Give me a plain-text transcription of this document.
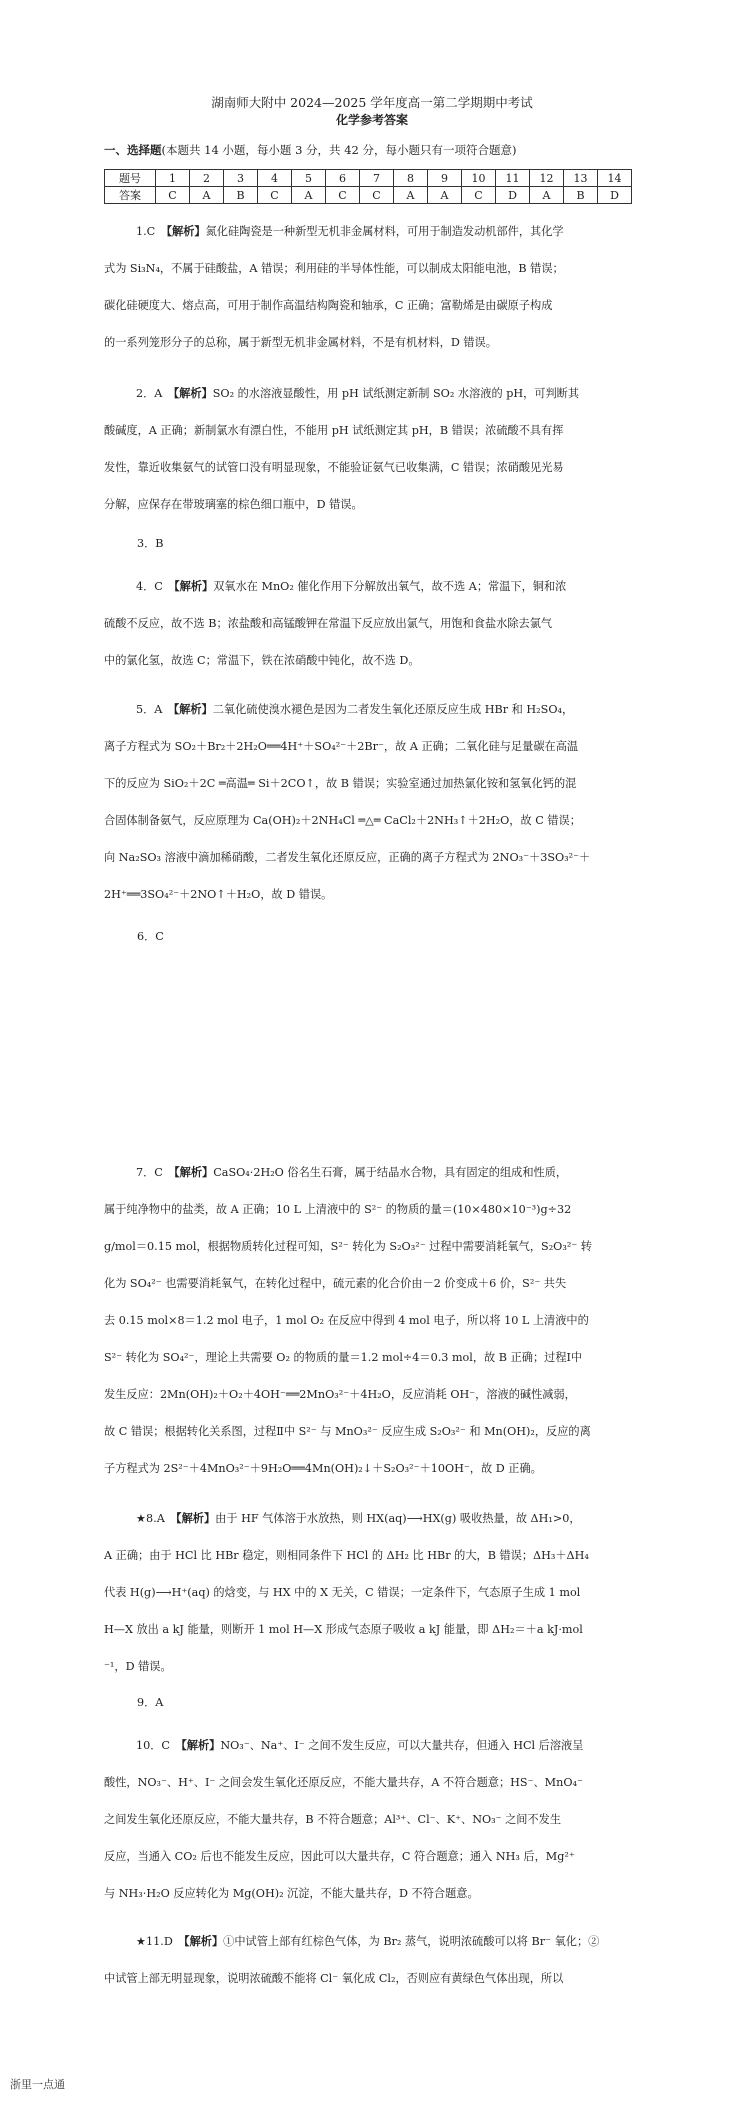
湖南师大附中 2024—2025 学年度高一第二学期期中考试
化学参考答案
一、选择题(本题共 14 小题，每小题 3 分，共 42 分，每小题只有一项符合题意)
题号	1	2	3	4	5	6	7	8	9	10	11	12	13	14
答案	C	A	B	C	A	C	C	A	A	C	D	A	B	D
1.C　【解析】氮化硅陶瓷是一种新型无机非金属材料，可用于制造发动机部件，其化学
式为 Si₃N₄，不属于硅酸盐，A 错误；利用硅的半导体性能，可以制成太阳能电池，B 错误；
碳化硅硬度大、熔点高，可用于制作高温结构陶瓷和轴承，C 正确；富勒烯是由碳原子构成
的一系列笼形分子的总称，属于新型无机非金属材料，不是有机材料，D 错误。
2．A　【解析】SO₂ 的水溶液显酸性，用 pH 试纸测定新制 SO₂ 水溶液的 pH，可判断其
酸碱度，A 正确；新制氯水有漂白性，不能用 pH 试纸测定其 pH，B 错误；浓硫酸不具有挥
发性，靠近收集氨气的试管口没有明显现象，不能验证氨气已收集满，C 错误；浓硝酸见光易
分解，应保存在带玻璃塞的棕色细口瓶中，D 错误。
3．B
4．C　【解析】双氧水在 MnO₂ 催化作用下分解放出氧气，故不选 A；常温下，铜和浓
硫酸不反应，故不选 B；浓盐酸和高锰酸钾在常温下反应放出氯气，用饱和食盐水除去氯气
中的氯化氢，故选 C；常温下，铁在浓硝酸中钝化，故不选 D。
5．A　【解析】二氧化硫使溴水褪色是因为二者发生氧化还原反应生成 HBr 和 H₂SO₄，
离子方程式为 SO₂＋Br₂＋2H₂O══4H⁺＋SO₄²⁻＋2Br⁻，故 A 正确；二氧化硅与足量碳在高温
下的反应为 SiO₂＋2C ═高温═ Si＋2CO↑，故 B 错误；实验室通过加热氯化铵和氢氧化钙的混
合固体制备氨气，反应原理为 Ca(OH)₂＋2NH₄Cl ═△═ CaCl₂＋2NH₃↑＋2H₂O，故 C 错误；
向 Na₂SO₃ 溶液中滴加稀硝酸，二者发生氧化还原反应，正确的离子方程式为 2NO₃⁻＋3SO₃²⁻＋
2H⁺══3SO₄²⁻＋2NO↑＋H₂O，故 D 错误。
6．C
7．C　【解析】CaSO₄·2H₂O 俗名生石膏，属于结晶水合物，具有固定的组成和性质，
属于纯净物中的盐类，故 A 正确；10 L 上清液中的 S²⁻ 的物质的量＝(10×480×10⁻³)g÷32
g/mol＝0.15 mol，根据物质转化过程可知，S²⁻ 转化为 S₂O₃²⁻ 过程中需要消耗氧气，S₂O₃²⁻ 转
化为 SO₄²⁻ 也需要消耗氧气，在转化过程中，硫元素的化合价由－2 价变成＋6 价，S²⁻ 共失
去 0.15 mol×8＝1.2 mol 电子，1 mol O₂ 在反应中得到 4 mol 电子，所以将 10 L 上清液中的
S²⁻ 转化为 SO₄²⁻，理论上共需要 O₂ 的物质的量＝1.2 mol÷4＝0.3 mol，故 B 正确；过程Ⅰ中
发生反应：2Mn(OH)₂＋O₂＋4OH⁻══2MnO₃²⁻＋4H₂O，反应消耗 OH⁻，溶液的碱性减弱，
故 C 错误；根据转化关系图，过程Ⅱ中 S²⁻ 与 MnO₃²⁻ 反应生成 S₂O₃²⁻ 和 Mn(OH)₂，反应的离
子方程式为 2S²⁻＋4MnO₃²⁻＋9H₂O══4Mn(OH)₂↓＋S₂O₃²⁻＋10OH⁻，故 D 正确。
★8.A　【解析】由于 HF 气体溶于水放热，则 HX(aq)⟶HX(g) 吸收热量，故 ΔH₁>0，
A 正确；由于 HCl 比 HBr 稳定，则相同条件下 HCl 的 ΔH₂ 比 HBr 的大，B 错误；ΔH₃＋ΔH₄
代表 H(g)⟶H⁺(aq) 的焓变，与 HX 中的 X 无关，C 错误；一定条件下，气态原子生成 1 mol
H—X 放出 a kJ 能量，则断开 1 mol H—X 形成气态原子吸收 a kJ 能量，即 ΔH₂＝＋a kJ·mol
⁻¹，D 错误。
9．A
10．C　【解析】NO₃⁻、Na⁺、I⁻ 之间不发生反应，可以大量共存，但通入 HCl 后溶液呈
酸性，NO₃⁻、H⁺、I⁻ 之间会发生氧化还原反应，不能大量共存，A 不符合题意；HS⁻、MnO₄⁻
之间发生氧化还原反应，不能大量共存，B 不符合题意；Al³⁺、Cl⁻、K⁺、NO₃⁻ 之间不发生
反应，当通入 CO₂ 后也不能发生反应，因此可以大量共存，C 符合题意；通入 NH₃ 后，Mg²⁺
与 NH₃·H₂O 反应转化为 Mg(OH)₂ 沉淀，不能大量共存，D 不符合题意。
★11.D　【解析】①中试管上部有红棕色气体，为 Br₂ 蒸气，说明浓硫酸可以将 Br⁻ 氧化；②
中试管上部无明显现象，说明浓硫酸不能将 Cl⁻ 氧化成 Cl₂，否则应有黄绿色气体出现，所以
浙里一点通
